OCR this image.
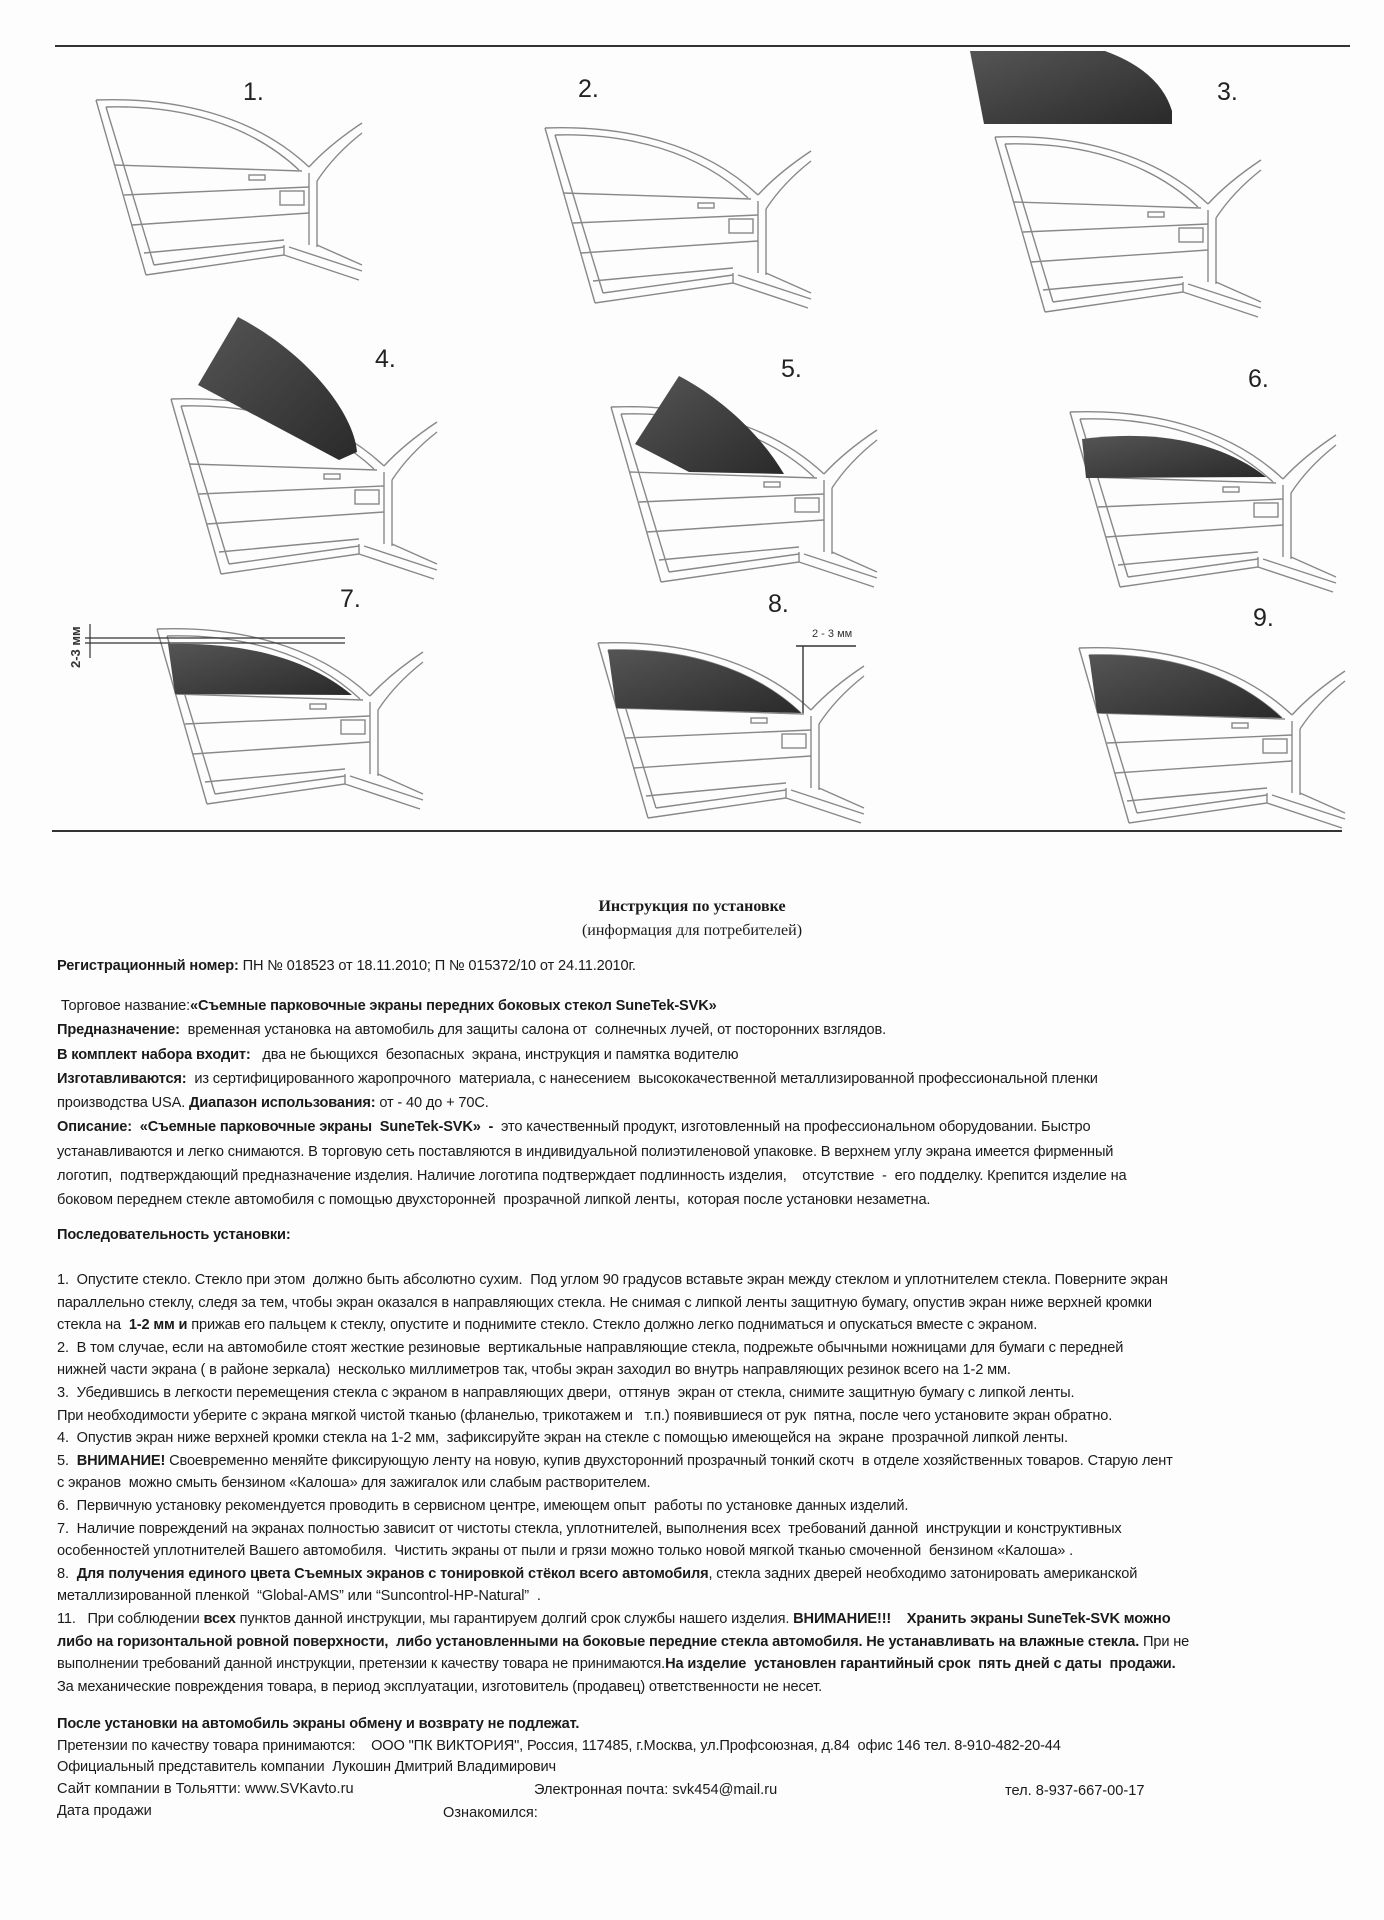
1.	2.	3.
4.	5.	6.
7.	8.	9.
2-3 мм	2 - 3 мм
Инструкция по установке
(информация для потребителей)
Регистрационный номер: ПН № 018523 от 18.11.2010; П № 015372/10 от 24.11.2010г.
Торговое название:«Съемные парковочные экраны передних боковых стекол SuneTek-SVK»
Предназначение:  временная установка на автомобиль для защиты салона от  солнечных лучей, от посторонних взглядов.
В комплект набора входит:   два не бьющихся  безопасных  экрана, инструкция и памятка водителю
Изготавливаются:  из сертифицированного жаропрочного  материала, с нанесением  высококачественной металлизированной профессиональной пленки
производства USA. Диапазон использования: от - 40 до + 70С.
Описание:  «Съемные парковочные экраны  SuneTek-SVK»  -  это качественный продукт, изготовленный на профессиональном оборудовании. Быстро
устанавливаются и легко снимаются. В торговую сеть поставляются в индивидуальной полиэтиленовой упаковке. В верхнем углу экрана имеется фирменный
логотип,  подтверждающий предназначение изделия. Наличие логотипа подтверждает подлинность изделия,    отсутствие  -  его подделку. Крепится изделие на
боковом переднем стекле автомобиля с помощью двухсторонней  прозрачной липкой ленты,  которая после установки незаметна.
Последовательность установки:
1.  Опустите стекло. Стекло при этом  должно быть абсолютно сухим.  Под углом 90 градусов вставьте экран между стеклом и уплотнителем стекла. Поверните экран
параллельно стеклу, следя за тем, чтобы экран оказался в направляющих стекла. Не снимая с липкой ленты защитную бумагу, опустив экран ниже верхней кромки
стекла на  1-2 мм и прижав его пальцем к стеклу, опустите и поднимите стекло. Стекло должно легко подниматься и опускаться вместе с экраном.
2.  В том случае, если на автомобиле стоят жесткие резиновые  вертикальные направляющие стекла, подрежьте обычными ножницами для бумаги с передней
нижней части экрана ( в районе зеркала)  несколько миллиметров так, чтобы экран заходил во внутрь направляющих резинок всего на 1-2 мм.
3.  Убедившись в легкости перемещения стекла с экраном в направляющих двери,  оттянув  экран от стекла, снимите защитную бумагу с липкой ленты.
При необходимости уберите с экрана мягкой чистой тканью (фланелью, трикотажем и   т.п.) появившиеся от рук  пятна, после чего установите экран обратно.
4.  Опустив экран ниже верхней кромки стекла на 1-2 мм,  зафиксируйте экран на стекле с помощью имеющейся на  экране  прозрачной липкой ленты.
5.  ВНИМАНИЕ! Своевременно меняйте фиксирующую ленту на новую, купив двухсторонний прозрачный тонкий скотч  в отделе хозяйственных товаров. Старую лент
с экранов  можно смыть бензином «Калоша» для зажигалок или слабым растворителем.
6.  Первичную установку рекомендуется проводить в сервисном центре, имеющем опыт  работы по установке данных изделий.
7.  Наличие повреждений на экранах полностью зависит от чистоты стекла, уплотнителей, выполнения всех  требований данной  инструкции и конструктивных
особенностей уплотнителей Вашего автомобиля.  Чистить экраны от пыли и грязи можно только новой мягкой тканью смоченной  бензином «Калоша» .
8.  Для получения единого цвета Съемных экранов с тонировкой стёкол всего автомобиля, стекла задних дверей необходимо затонировать американской
металлизированной пленкой  “Global-AMS” или “Suncontrol-HP-Natural”  .
11.   При соблюдении всех пунктов данной инструкции, мы гарантируем долгий срок службы нашего изделия. ВНИМАНИЕ!!!    Хранить экраны SuneTek-SVK можно
либо на горизонтальной ровной поверхности,  либо установленными на боковые передние стекла автомобиля. Не устанавливать на влажные стекла. При не
выполнении требований данной инструкции, претензии к качеству товара не принимаются.На изделие  установлен гарантийный срок  пять дней с даты  продажи.
За механические повреждения товара, в период эксплуатации, изготовитель (продавец) ответственности не несет.
После установки на автомобиль экраны обмену и возврату не подлежат.
Претензии по качеству товара принимаются:    ООО "ПК ВИКТОРИЯ", Россия, 117485, г.Москва, ул.Профсоюзная, д.84  офис 146 тел. 8-910-482-20-44
Официальный представитель компании  Лукошин Дмитрий Владимирович
Сайт компании в Тольятти: www.SVKavto.ru	Электронная почта: svk454@mail.ru	тел. 8-937-667-00-17
Дата продажи	Ознакомился:
